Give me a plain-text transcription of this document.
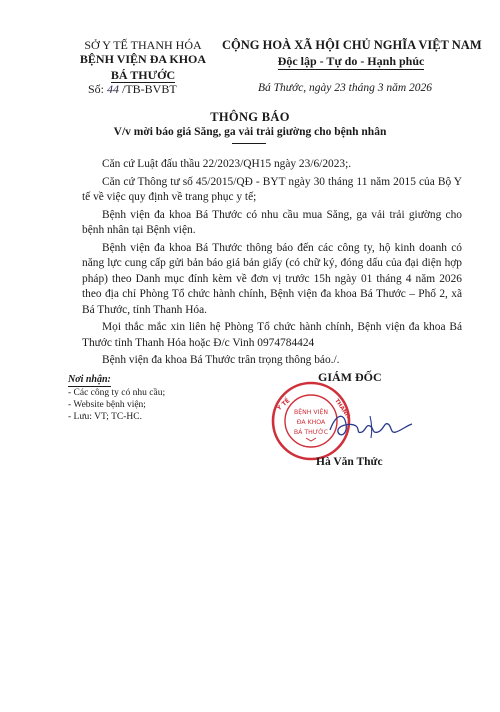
SỞ Y TẾ THANH HÓA
BỆNH VIỆN ĐA KHOA
BÁ THƯỚC
Số: 44 /TB-BVBT
CỘNG HOÀ XÃ HỘI CHỦ NGHĨA VIỆT NAM
Độc lập - Tự do - Hạnh phúc
Bá Thước, ngày 23 tháng 3 năm 2026
THÔNG BÁO
V/v mời báo giá Săng, ga vải trải giường cho bệnh nhân

Căn cứ Luật đấu thầu 22/2023/QH15 ngày 23/6/2023;.

Căn cứ Thông tư số 45/2015/QĐ - BYT ngày 30 tháng 11 năm 2015 của Bộ Y tế về việc quy định về trang phục y tế;

Bệnh viện đa khoa Bá Thước có nhu cầu mua Săng, ga vải trải giường cho bệnh nhân tại Bệnh viện.

Bệnh viện đa khoa Bá Thước thông báo đến các công ty, hộ kinh doanh có năng lực cung cấp gửi bản báo giá bản giấy (có chữ ký, đóng dấu của đại diện hợp pháp) theo Danh mục đính kèm về đơn vị trước 15h ngày 01 tháng 4 năm 2026 theo địa chỉ Phòng Tổ chức hành chính, Bệnh viện đa khoa Bá Thước – Phố 2, xã Bá Thước, tỉnh Thanh Hóa.

Mọi thắc mắc xin liên hệ Phòng Tổ chức hành chính, Bệnh viện đa khoa Bá Thước tỉnh Thanh Hóa hoặc Đ/c Vinh 0974784424

Bệnh viện đa khoa Bá Thước trân trọng thông báo./.

Nơi nhận:
- Các công ty có nhu cầu;
- Website bệnh viện;
- Lưu: VT; TC-HC.
GIÁM ĐỐC
Y TẾ	THANH
BỆNH VIỆN
ĐA KHOA
BÁ THƯỚC
Hà Văn Thức
